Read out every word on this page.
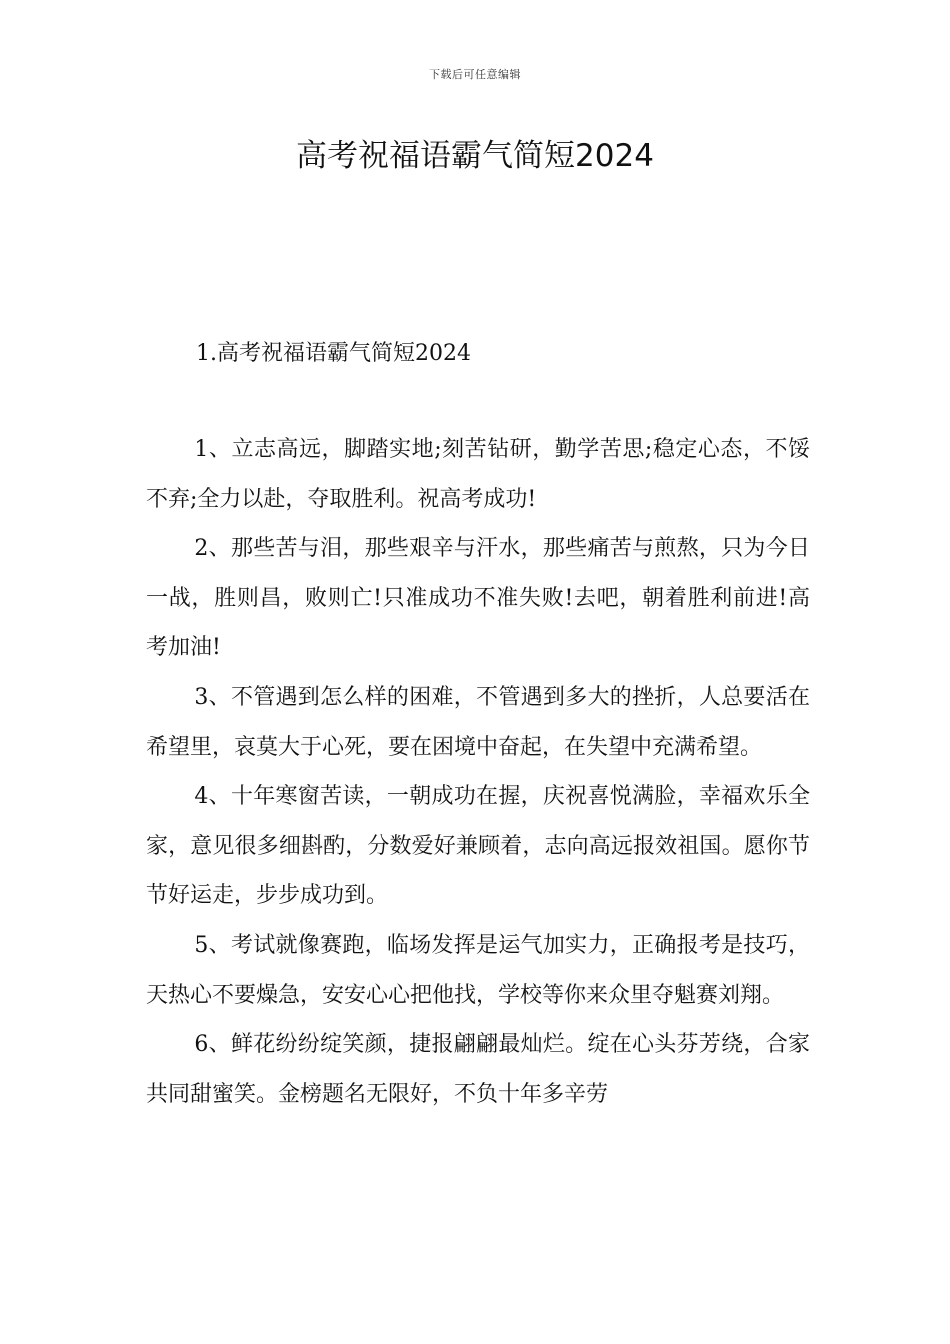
下载后可任意编辑
高考祝福语霸气简短2024
1.高考祝福语霸气简短2024

1、立志高远，脚踏实地;刻苦钻研，勤学苦思;稳定心态，不馁不弃;全力以赴，夺取胜利。祝高考成功!

2、那些苦与泪，那些艰辛与汗水，那些痛苦与煎熬，只为今日一战，胜则昌，败则亡!只准成功不准失败!去吧，朝着胜利前进!高考加油!

3、不管遇到怎么样的困难，不管遇到多大的挫折，人总要活在希望里，哀莫大于心死，要在困境中奋起，在失望中充满希望。

4、十年寒窗苦读，一朝成功在握，庆祝喜悦满脸，幸福欢乐全家，意见很多细斟酌，分数爱好兼顾着，志向高远报效祖国。愿你节节好运走，步步成功到。

5、考试就像赛跑，临场发挥是运气加实力，正确报考是技巧，天热心不要燥急，安安心心把他找，学校等你来众里夺魁赛刘翔。

6、鲜花纷纷绽笑颜，捷报翩翩最灿烂。绽在心头芬芳绕，合家共同甜蜜笑。金榜题名无限好，不负十年多辛劳
